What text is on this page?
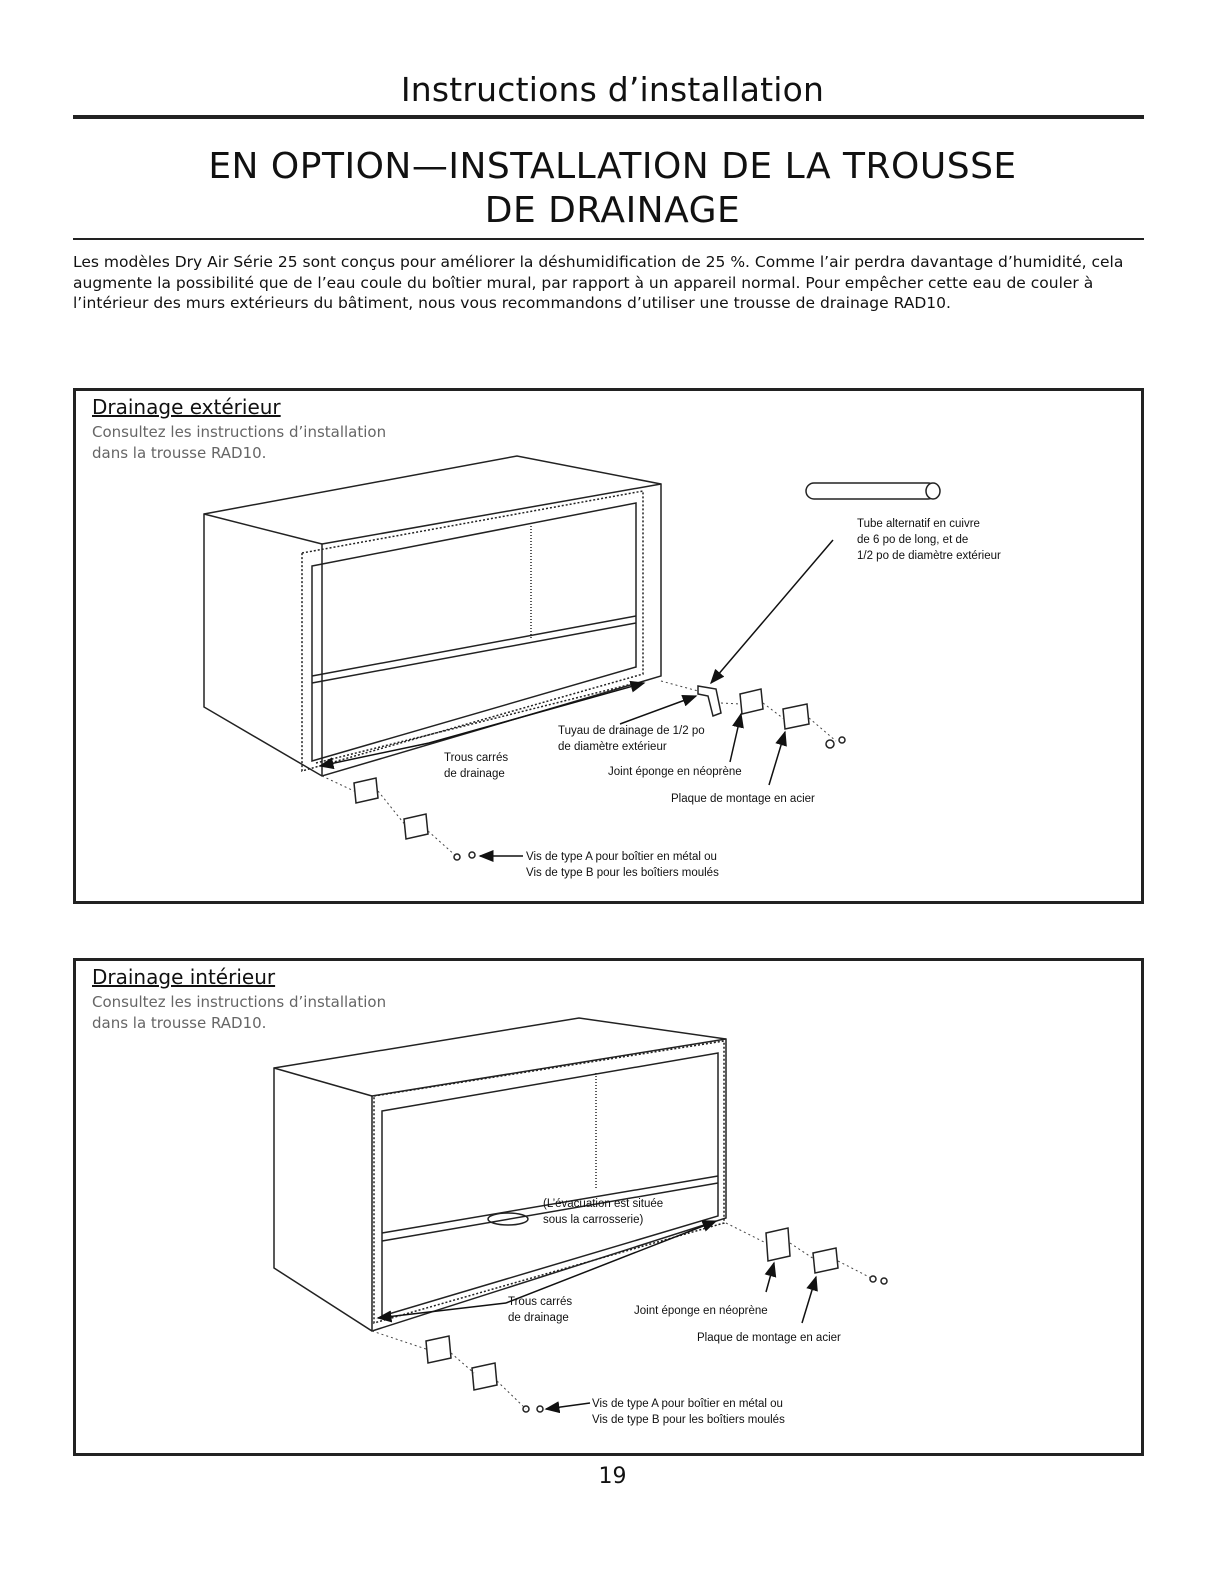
Instructions d’installation
EN OPTION—INSTALLATION DE LA TROUSSE
DE DRAINAGE
Les modèles Dry Air Série 25 sont conçus pour améliorer la déshumidification de 25 %. Comme l’air perdra davantage d’humidité, cela augmente la possibilité que de l’eau coule du boîtier mural, par rapport à un appareil normal. Pour empêcher cette eau de couler à l’intérieur des murs extérieurs du bâtiment, nous vous recommandons d’utiliser une trousse de drainage RAD10.
Drainage extérieur
Consultez les instructions d’installation
dans la trousse RAD10.
Tube alternatif en cuivre
de 6 po de long, et de
1/2 po de diamètre extérieur
Tuyau de drainage de 1/2 po
de diamètre extérieur
Trous carrés
de drainage	Joint éponge en néoprène
Plaque de montage en acier
Vis de type A pour boîtier en métal ou
Vis de type B pour les boîtiers moulés
Drainage intérieur
Consultez les instructions d’installation
dans la trousse RAD10.
(L’évacuation est située
sous la carrosserie)
Trous carrés
de drainage
Joint éponge en néoprène
Plaque de montage en acier
Vis de type A pour boîtier en métal ou
Vis de type B pour les boîtiers moulés
19
